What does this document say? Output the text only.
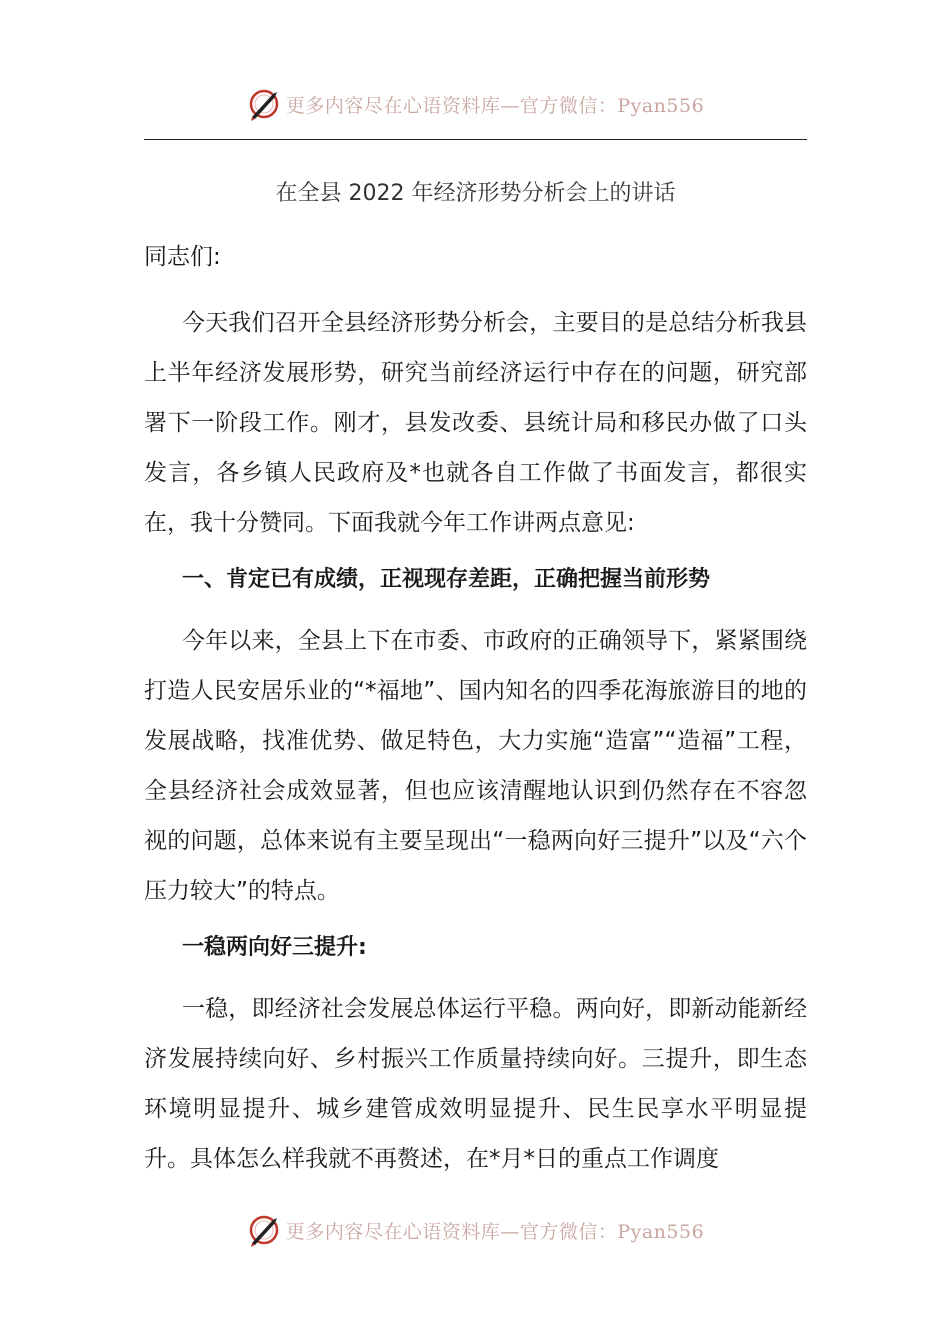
更多内容尽在心语资料库—官方微信：Pyan556
在全县 2022 年经济形势分析会上的讲话

同志们:

今天我们召开全县经济形势分析会，主要目的是总结分析我县上半年经济发展形势，研究当前经济运行中存在的问题，研究部署下一阶段工作。刚才，县发改委、县统计局和移民办做了口头发言，各乡镇人民政府及*也就各自工作做了书面发言，都很实在，我十分赞同。下面我就今年工作讲两点意见:

一、肯定已有成绩，正视现存差距，正确把握当前形势

今年以来，全县上下在市委、市政府的正确领导下，紧紧围绕打造人民安居乐业的“*福地”、国内知名的四季花海旅游目的地的发展战略，找准优势、做足特色，大力实施“造富”“造福”工程，全县经济社会成效显著，但也应该清醒地认识到仍然存在不容忽视的问题，总体来说有主要呈现出“一稳两向好三提升”以及“六个压力较大”的特点。

一稳两向好三提升:

一稳，即经济社会发展总体运行平稳。两向好，即新动能新经济发展持续向好、乡村振兴工作质量持续向好。三提升，即生态环境明显提升、城乡建管成效明显提升、民生民享水平明显提升。具体怎么样我就不再赘述，在*月*日的重点工作调度

更多内容尽在心语资料库—官方微信：Pyan556
